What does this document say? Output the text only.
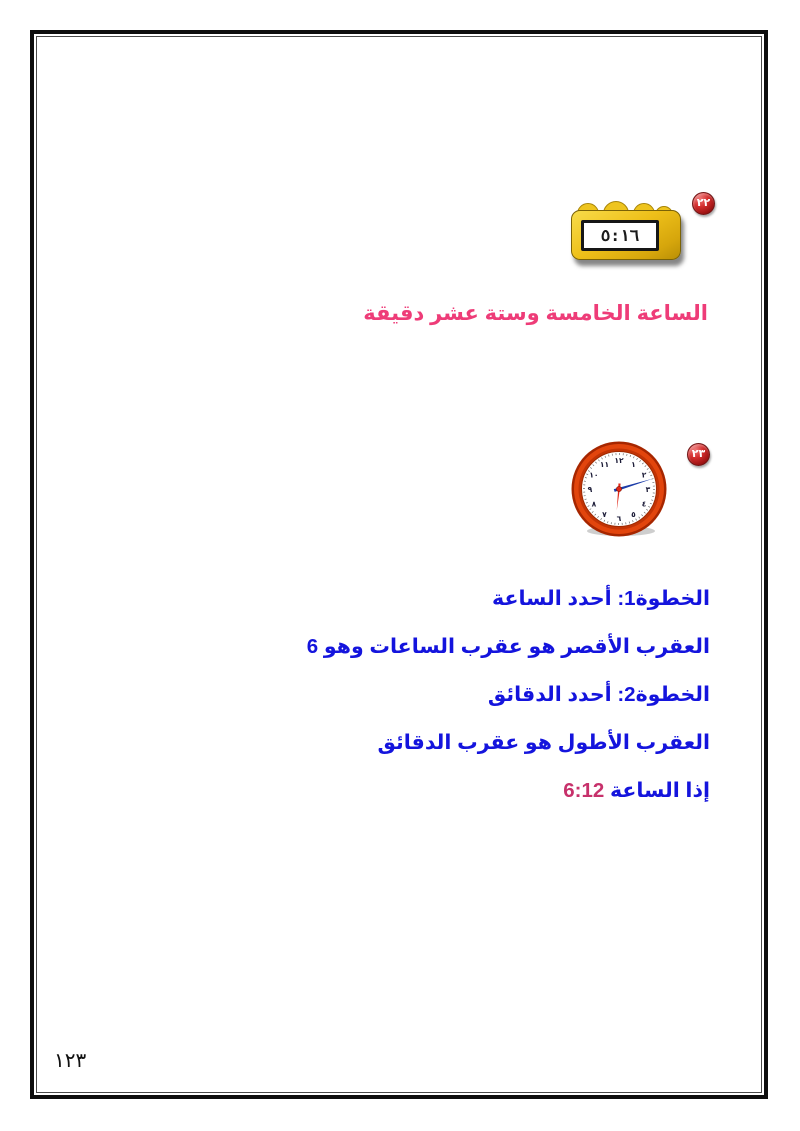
٢٢
٥:١٦
الساعة الخامسة وستة عشر دقيقة
١٢ ١
٢
٣
٤
٥
٦
٧
٨
٩
١٠
١١
٢٣
الخطوة1: أحدد الساعة
العقرب الأقصر هو عقرب الساعات وهو 6
الخطوة2: أحدد الدقائق
العقرب الأطول هو عقرب الدقائق
إذا الساعة 6:12
١٢٣
